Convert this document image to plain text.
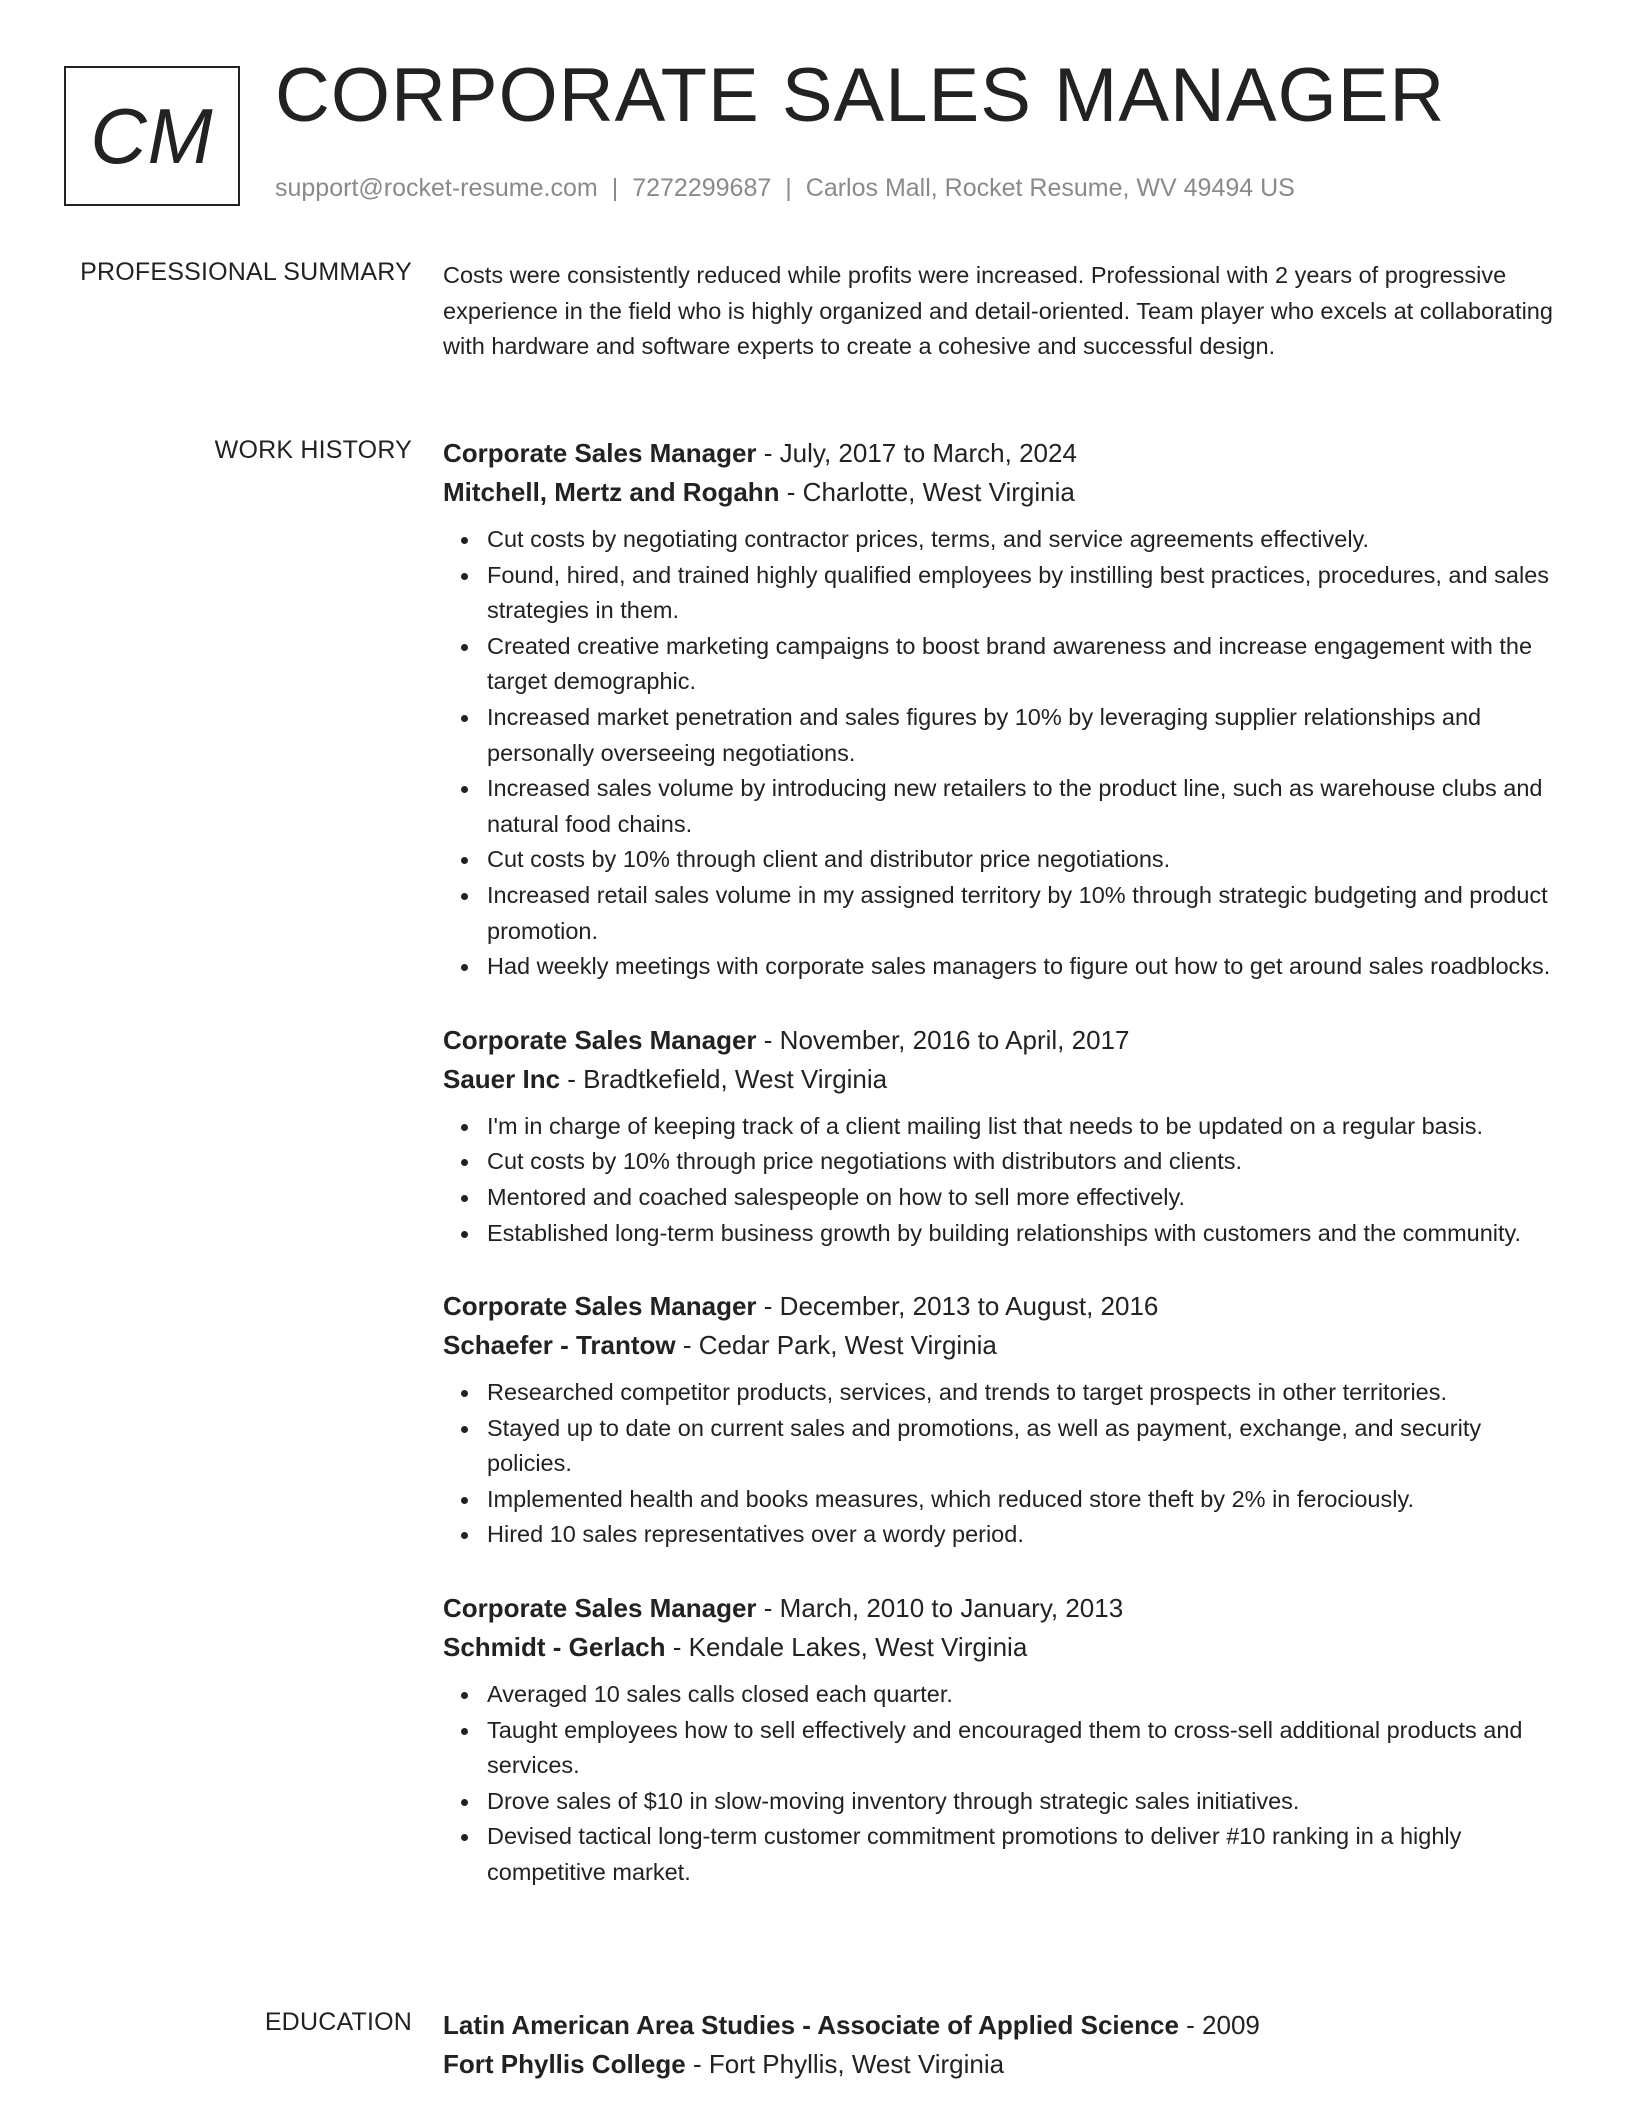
CM CORPORATE SALES MANAGER
support@rocket-resume.com | 7272299687 | Carlos Mall, Rocket Resume, WV 49494 US
PROFESSIONAL SUMMARY Costs were consistently reduced while profits were increased. Professional with 2 years of progressive experience in the field who is highly organized and detail-oriented. Team player who excels at collaborating with hardware and software experts to create a cohesive and successful design.

WORK HISTORY Corporate Sales Manager - July, 2017 to March, 2024
Mitchell, Mertz and Rogahn - Charlotte, West Virginia
Cut costs by negotiating contractor prices, terms, and service agreements effectively.
Found, hired, and trained highly qualified employees by instilling best practices, procedures, and sales strategies in them.
Created creative marketing campaigns to boost brand awareness and increase engagement with the target demographic.
Increased market penetration and sales figures by 10% by leveraging supplier relationships and personally overseeing negotiations.
Increased sales volume by introducing new retailers to the product line, such as warehouse clubs and natural food chains.
Cut costs by 10% through client and distributor price negotiations.
Increased retail sales volume in my assigned territory by 10% through strategic budgeting and product promotion.
Had weekly meetings with corporate sales managers to figure out how to get around sales roadblocks.
Corporate Sales Manager - November, 2016 to April, 2017
Sauer Inc - Bradtkefield, West Virginia
I'm in charge of keeping track of a client mailing list that needs to be updated on a regular basis.
Cut costs by 10% through price negotiations with distributors and clients.
Mentored and coached salespeople on how to sell more effectively.
Established long-term business growth by building relationships with customers and the community.
Corporate Sales Manager - December, 2013 to August, 2016
Schaefer - Trantow - Cedar Park, West Virginia
Researched competitor products, services, and trends to target prospects in other territories.
Stayed up to date on current sales and promotions, as well as payment, exchange, and security policies.
Implemented health and books measures, which reduced store theft by 2% in ferociously.
Hired 10 sales representatives over a wordy period.
Corporate Sales Manager - March, 2010 to January, 2013
Schmidt - Gerlach - Kendale Lakes, West Virginia
Averaged 10 sales calls closed each quarter.
Taught employees how to sell effectively and encouraged them to cross-sell additional products and services.
Drove sales of $10 in slow-moving inventory through strategic sales initiatives.
Devised tactical long-term customer commitment promotions to deliver #10 ranking in a highly competitive market.
EDUCATION Latin American Area Studies - Associate of Applied Science - 2009
Fort Phyllis College - Fort Phyllis, West Virginia
